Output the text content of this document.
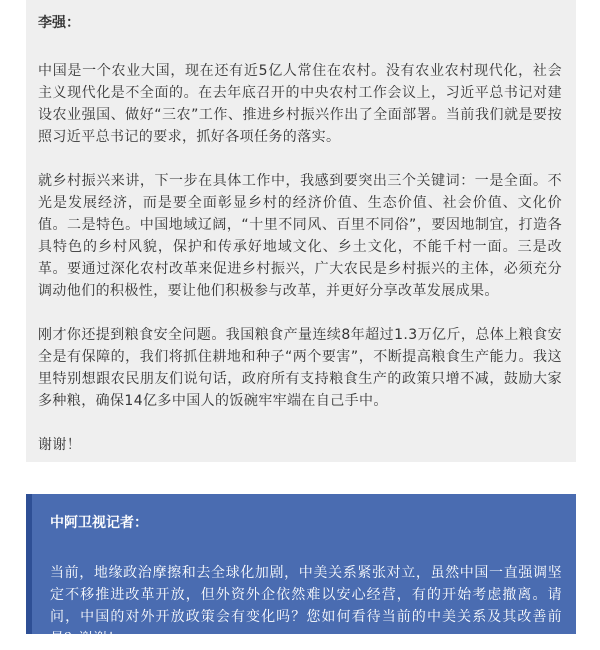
李强：

中国是一个农业大国，现在还有近5亿人常住在农村。没有农业农村现代化，社会主义现代化是不全面的。在去年底召开的中央农村工作会议上，习近平总书记对建设农业强国、做好“三农”工作、推进乡村振兴作出了全面部署。当前我们就是要按照习近平总书记的要求，抓好各项任务的落实。

就乡村振兴来讲，下一步在具体工作中，我感到要突出三个关键词：一是全面。不光是发展经济，而是要全面彰显乡村的经济价值、生态价值、社会价值、文化价值。二是特色。中国地域辽阔，“十里不同风、百里不同俗”，要因地制宜，打造各具特色的乡村风貌，保护和传承好地域文化、乡土文化，不能千村一面。三是改革。要通过深化农村改革来促进乡村振兴，广大农民是乡村振兴的主体，必须充分调动他们的积极性，要让他们积极参与改革，并更好分享改革发展成果。

刚才你还提到粮食安全问题。我国粮食产量连续8年超过1.3万亿斤，总体上粮食安全是有保障的，我们将抓住耕地和种子“两个要害”，不断提高粮食生产能力。我这里特别想跟农民朋友们说句话，政府所有支持粮食生产的政策只增不减，鼓励大家多种粮，确保14亿多中国人的饭碗牢牢端在自己手中。

谢谢！

中阿卫视记者：

当前，地缘政治摩擦和去全球化加剧，中美关系紧张对立，虽然中国一直强调坚定不移推进改革开放，但外资外企依然难以安心经营，有的开始考虑撤离。请问，中国的对外开放政策会有变化吗？您如何看待当前的中美关系及其改善前景？谢谢！
